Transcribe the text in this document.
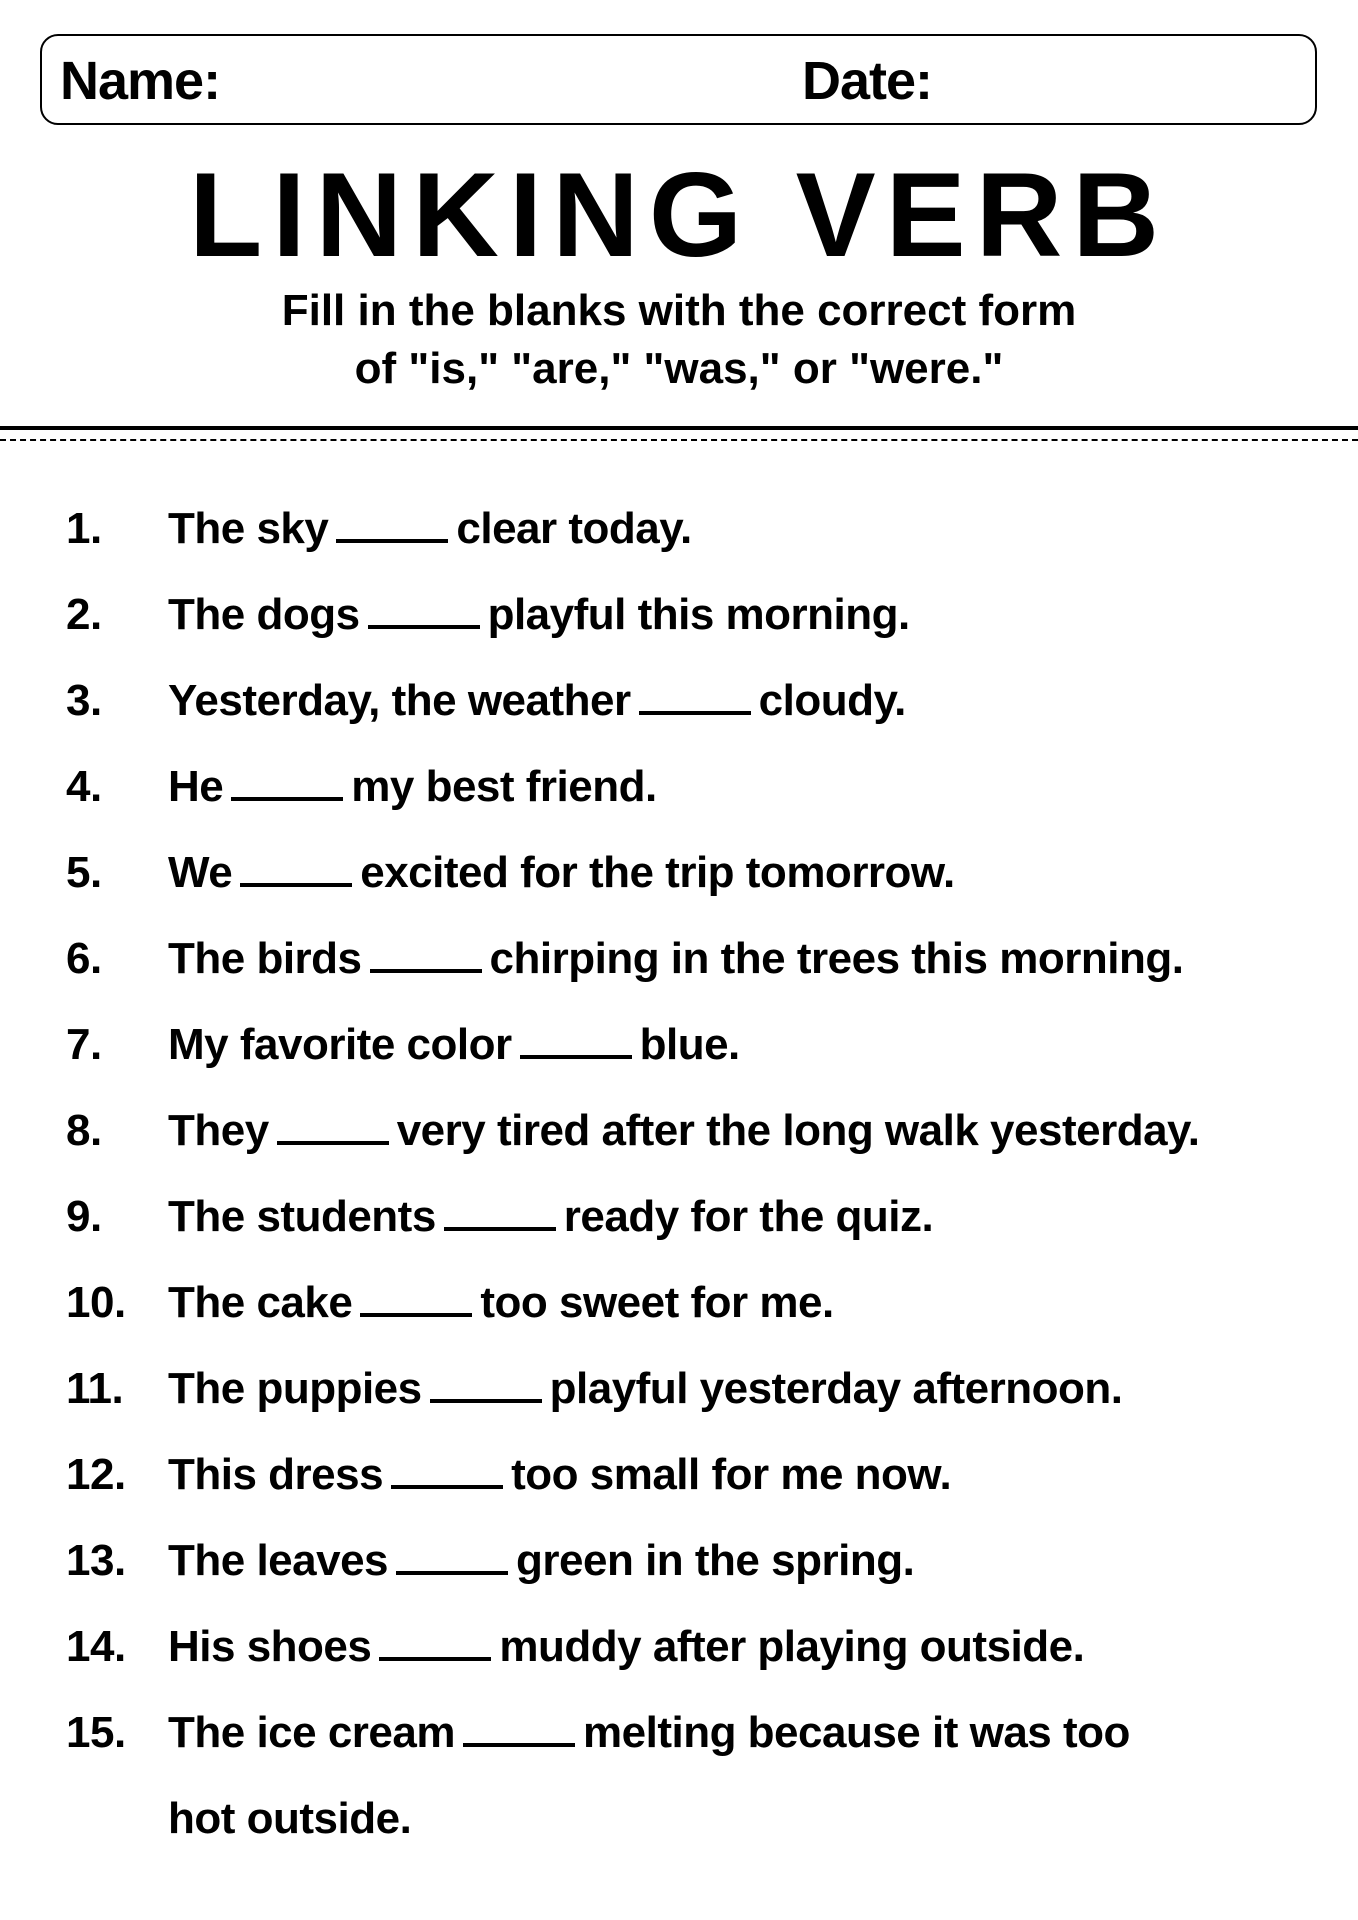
Name:	Date:
LINKING VERB
Fill in the blanks with the correct form
of "is," "are," "was," or "were."
1. The sky	clear today.
2. The dogs	playful this morning.
3. Yesterday, the weather	cloudy.
4. He	my best friend.
5. We	excited for the trip tomorrow.
6. The birds	chirping in the trees this morning.
7. My favorite color	blue.
8. They	very tired after the long walk yesterday.
9. The students	ready for the quiz.
10. The cake	too sweet for me.
11. The puppies	playful yesterday afternoon.
12. This dress	too small for me now.
13. The leaves	green in the spring.
14. His shoes	muddy after playing outside.
15. The ice cream	melting because it was too
hot outside.
